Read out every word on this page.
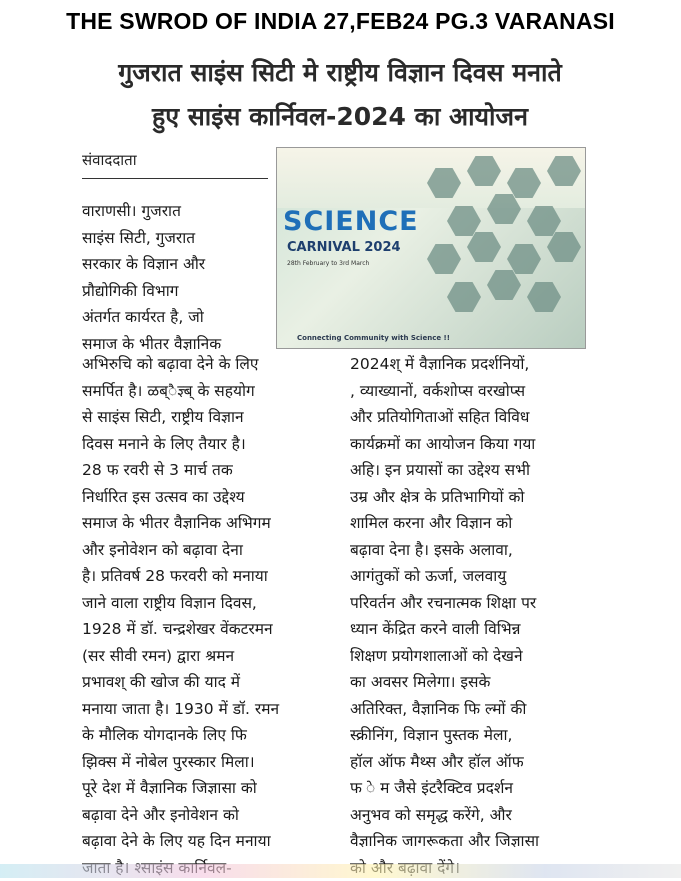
THE SWROD OF INDIA 27,FEB24 PG.3 VARANASI
गुजरात साइंस सिटी मे राष्ट्रीय विज्ञान दिवस मनाते
हुए साइंस कार्निवल-2024 का आयोजन
संवाददाता
SCIENCE
CARNIVAL 2024
28th February to 3rd March
Connecting Community with Science !!
वाराणसी। गुजरात
साइंस सिटी, गुजरात
सरकार के विज्ञान और
प्रौद्योगिकी विभाग
अंतर्गत कार्यरत है, जो
समाज के भीतर वैज्ञानिक
अभिरुचि को बढ़ावा देने के लिए
समर्पित है। ळब्ैज्ञ्ब् के सहयोग
से साइंस सिटी, राष्ट्रीय विज्ञान
दिवस मनाने के लिए तैयार है।
28 फ रवरी से 3 मार्च तक
निर्धारित इस उत्सव का उद्देश्य
समाज के भीतर वैज्ञानिक अभिगम
और इनोवेशन को बढ़ावा देना
है। प्रतिवर्ष 28 फरवरी को मनाया
जाने वाला राष्ट्रीय विज्ञान दिवस,
1928 में डॉ. चन्द्रशेखर वेंकटरमन
(सर सीवी रमन) द्वारा श्रमन
प्रभावश् की खोज की याद में
मनाया जाता है। 1930 में डॉ. रमन
के मौलिक योगदानके लिए फि
झिक्स में नोबेल पुरस्कार मिला।
पूरे देश में वैज्ञानिक जिज्ञासा को
बढ़ावा देने और इनोवेशन को
बढ़ावा देने के लिए यह दिन मनाया
2024श् में वैज्ञानिक प्रदर्शनियों,
, व्याख्यानों, वर्कशोप्स वरखोप्स
और प्रतियोगिताओं सहित विविध
कार्यक्रमों का आयोजन किया गया
अहि। इन प्रयासों का उद्देश्य सभी
उम्र और क्षेत्र के प्रतिभागियों को
शामिल करना और विज्ञान को
बढ़ावा देना है। इसके अलावा,
आगंतुकों को ऊर्जा, जलवायु
परिवर्तन और रचनात्मक शिक्षा पर
ध्यान केंद्रित करने वाली विभिन्न
शिक्षण प्रयोगशालाओं को देखने
का अवसर मिलेगा। इसके
अतिरिक्त, वैज्ञानिक फि ल्मों की
स्क्रीनिंग, विज्ञान पुस्तक मेला,
हॉल ऑफ मैथ्स और हॉल ऑफ
फ े म जैसे इंटरैक्टिव प्रदर्शन
अनुभव को समृद्ध करेंगे, और
वैज्ञानिक जागरूकता और जिज्ञासा
